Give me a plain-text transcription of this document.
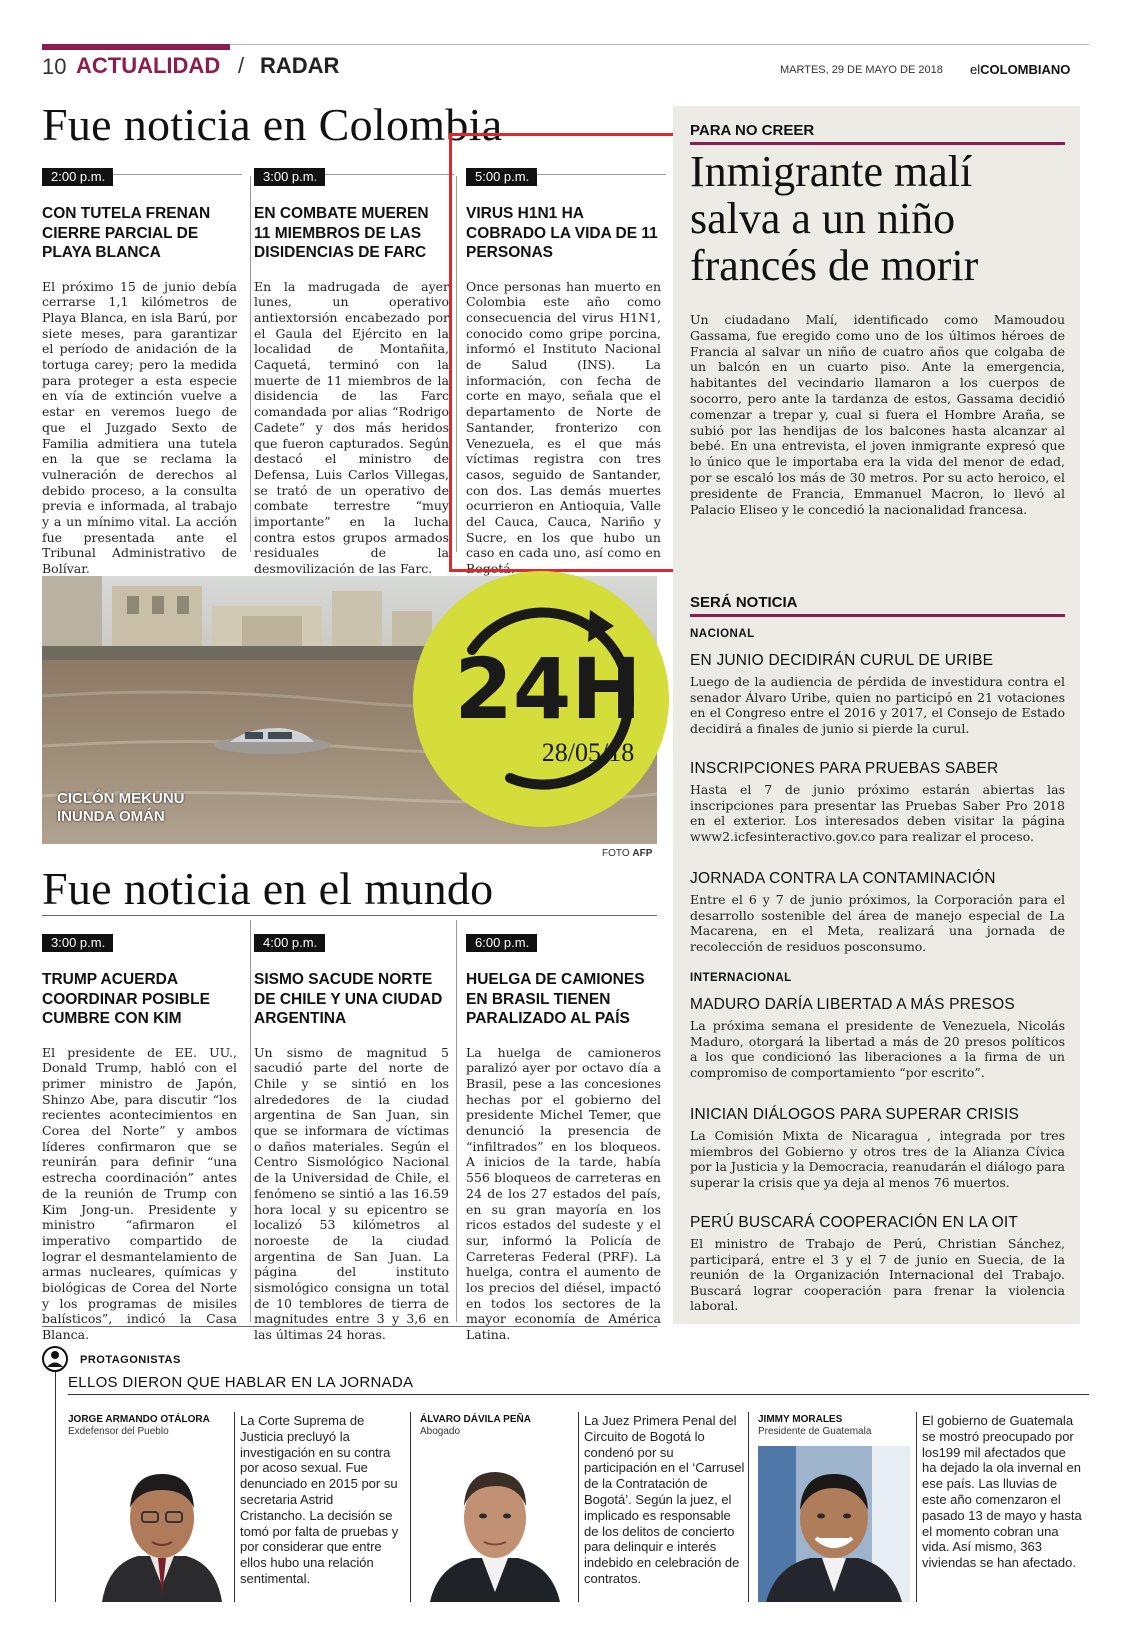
10 ACTUALIDAD / RADAR	MARTES, 29 DE MAYO DE 2018 elCOLOMBIANO
Fue noticia en Colombia
2:00 p.m.
CON TUTELA FRENAN CIERRE PARCIAL DE PLAYA BLANCA
El próximo 15 de junio debía cerrarse 1,1 kilómetros de Playa Blanca, en isla Barú, por siete meses, para garantizar el período de anidación de la tortuga carey; pero la medida para proteger a esta especie en vía de extinción vuelve a estar en veremos luego de que el Juzgado Sexto de Familia admitiera una tutela en la que se reclama la vulneración de derechos al debido proceso, a la consulta previa e informada, al trabajo y a un mínimo vital. La acción fue presentada ante el Tribunal Administrativo de Bolívar.
3:00 p.m.
EN COMBATE MUEREN 11 MIEMBROS DE LAS DISIDENCIAS DE FARC
En la madrugada de ayer lunes, un operativo antiextorsión encabezado por el Gaula del Ejército en la localidad de Montañita, Caquetá, terminó con la muerte de 11 miembros de la disidencia de las Farc comandada por alias “Rodrigo Cadete” y dos más heridos que fueron capturados. Según destacó el ministro de Defensa, Luis Carlos Villegas, se trató de un operativo de combate terrestre “muy importante” en la lucha contra estos grupos armados residuales de la desmovilización de las Farc.
5:00 p.m.
VIRUS H1N1 HA COBRADO LA VIDA DE 11 PERSONAS
Once personas han muerto en Colombia este año como consecuencia del virus H1N1, conocido como gripe porcina, informó el Instituto Nacional de Salud (INS). La información, con fecha de corte en mayo, señala que el departamento de Norte de Santander, fronterizo con Venezuela, es el que más víctimas registra con tres casos, seguido de Santander, con dos. Las demás muertes ocurrieron en Antioquia, Valle del Cauca, Cauca, Nariño y Sucre, en los que hubo un caso en cada uno, así como en Bogotá.
PARA NO CREER
Inmigrante malí salva a un niño francés de morir
Un ciudadano Malí, identificado como Mamoudou Gassama, fue eregido como uno de los últimos héroes de Francia al salvar un niño de cuatro años que colgaba de un balcón en un cuarto piso. Ante la emergencia, habitantes del vecindario llamaron a los cuerpos de socorro, pero ante la tardanza de estos, Gassama decidió comenzar a trepar y, cual si fuera el Hombre Araña, se subió por las hendijas de los balcones hasta alcanzar al bebé. En una entrevista, el joven inmigrante expresó que lo único que le importaba era la vida del menor de edad, por se escaló los más de 30 metros. Por su acto heroico, el presidente de Francia, Emmanuel Macron, lo llevó al Palacio Eliseo y le concedió la nacionalidad francesa.
SERÁ NOTICIA
NACIONAL
EN JUNIO DECIDIRÁN CURUL DE URIBE
Luego de la audiencia de pérdida de investidura contra el senador Álvaro Uribe, quien no participó en 21 votaciones en el Congreso entre el 2016 y 2017, el Consejo de Estado decidirá a finales de junio si pierde la curul.
INSCRIPCIONES PARA PRUEBAS SABER
Hasta el 7 de junio próximo estarán abiertas las inscripciones para presentar las Pruebas Saber Pro 2018 en el exterior. Los interesados deben visitar la página www2.icfesinteractivo.gov.co para realizar el proceso.
JORNADA CONTRA LA CONTAMINACIÓN
Entre el 6 y 7 de junio próximos, la Corporación para el desarrollo sostenible del área de manejo especial de La Macarena, en el Meta, realizará una jornada de recolección de residuos posconsumo.
INTERNACIONAL
MADURO DARÍA LIBERTAD A MÁS PRESOS
La próxima semana el presidente de Venezuela, Nicolás Maduro, otorgará la libertad a más de 20 presos políticos a los que condicionó las liberaciones a la firma de un compromiso de comportamiento “por escrito”.
INICIAN DIÁLOGOS PARA SUPERAR CRISIS
La Comisión Mixta de Nicaragua , integrada por tres miembros del Gobierno y otros tres de la Alianza Cívica por la Justicia y la Democracia, reanudarán el diálogo para superar la crisis que ya deja al menos 76 muertos.
PERÚ BUSCARÁ COOPERACIÓN EN LA OIT
El ministro de Trabajo de Perú, Christian Sánchez, participará, entre el 3 y el 7 de junio en Suecia, de la reunión de la Organización Internacional del Trabajo. Buscará lograr cooperación para frenar la violencia laboral.
24H
28/05/18
CICLÓN MEKUNU
INUNDA OMÁN
FOTO AFP
Fue noticia en el mundo
3:00 p.m.
TRUMP ACUERDA COORDINAR POSIBLE CUMBRE CON KIM
El presidente de EE. UU., Donald Trump, habló con el primer ministro de Japón, Shinzo Abe, para discutir “los recientes acontecimientos en Corea del Norte” y ambos líderes confirmaron que se reunirán para definir “una estrecha coordinación” antes de la reunión de Trump con Kim Jong-un. Presidente y ministro “afirmaron el imperativo compartido de lograr el desmantelamiento de armas nucleares, químicas y biológicas de Corea del Norte y los programas de misiles balísticos”, indicó la Casa Blanca.
4:00 p.m.
SISMO SACUDE NORTE DE CHILE Y UNA CIUDAD ARGENTINA
Un sismo de magnitud 5 sacudió parte del norte de Chile y se sintió en los alrededores de la ciudad argentina de San Juan, sin que se informara de víctimas o daños materiales. Según el Centro Sismológico Nacional de la Universidad de Chile, el fenómeno se sintió a las 16.59 hora local y su epicentro se localizó 53 kilómetros al noroeste de la ciudad argentina de San Juan. La página del instituto sismológico consigna un total de 10 temblores de tierra de magnitudes entre 3 y 3,6 en las últimas 24 horas.
6:00 p.m.
HUELGA DE CAMIONES EN BRASIL TIENEN PARALIZADO AL PAÍS
La huelga de camioneros paralizó ayer por octavo día a Brasil, pese a las concesiones hechas por el gobierno del presidente Michel Temer, que denunció la presencia de “infiltrados” en los bloqueos. A inicios de la tarde, había 556 bloqueos de carreteras en 24 de los 27 estados del país, en su gran mayoría en los ricos estados del sudeste y el sur, informó la Policía de Carreteras Federal (PRF). La huelga, contra el aumento de los precios del diésel, impactó en todos los sectores de la mayor economía de América Latina.
PROTAGONISTAS
ELLOS DIERON QUE HABLAR EN LA JORNADA
JORGE ARMANDO OTÁLORA
Exdefensor del Pueblo
La Corte Suprema de Justicia precluyó la investigación en su contra por acoso sexual. Fue denunciado en 2015 por su secretaria Astrid Cristancho. La decisión se tomó por falta de pruebas y por considerar que entre ellos hubo una relación sentimental.
ÁLVARO DÁVILA PEÑA
Abogado
La Juez Primera Penal del Circuito de Bogotá lo condenó por su participación en el ‘Carrusel de la Contratación de Bogotá’. Según la juez, el implicado es responsable de los delitos de concierto para delinquir e interés indebido en celebración de contratos.
JIMMY MORALES
Presidente de Guatemala
El gobierno de Guatemala se mostró preocupado por los199 mil afectados que ha dejado la ola invernal en ese país. Las lluvias de este año comenzaron el pasado 13 de mayo y hasta el momento cobran una vida. Así mismo, 363 viviendas se han afectado.
